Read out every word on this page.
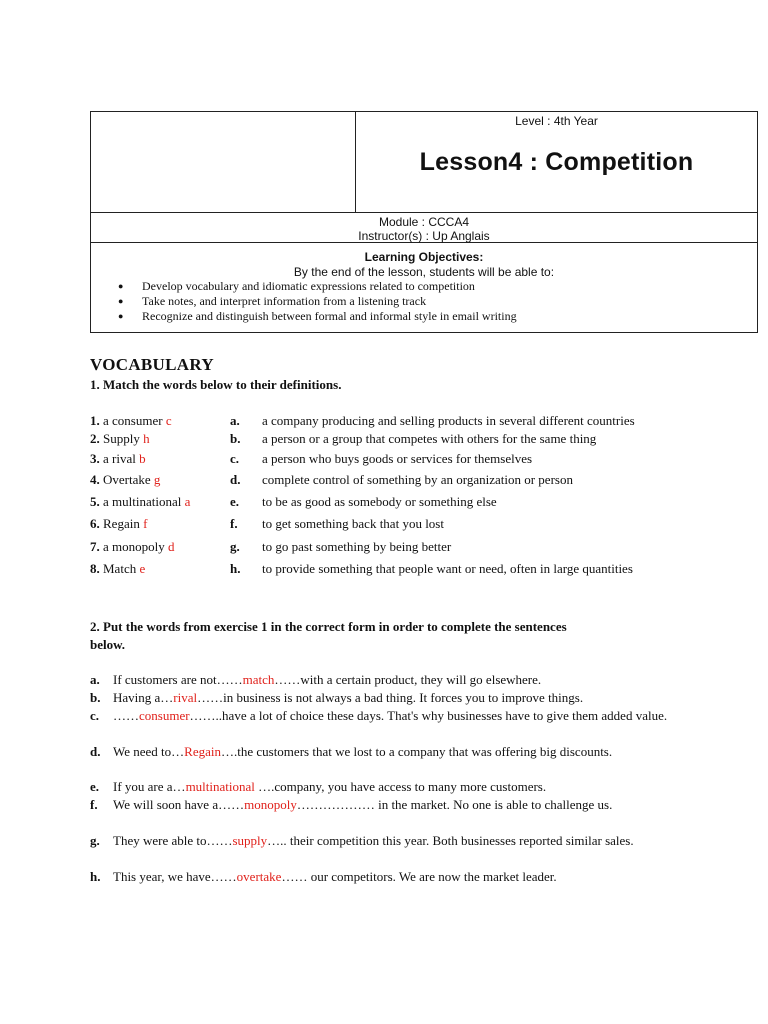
Level : 4th Year
Lesson4 : Competition
Module : CCCA4
Instructor(s) : Up Anglais
Learning Objectives:
By the end of the lesson, students will be able to:
● Develop vocabulary and idiomatic expressions related to competition
● Take notes, and interpret information from a listening track
● Recognize and distinguish between formal and informal style in email writing
VOCABULARY
1. Match the words below to their definitions.
1. a consumer c	a. a company producing and selling products in several different countries
2. Supply h	b. a person or a group that competes with others for the same thing
3. a rival b	c. a person who buys goods or services for themselves
4. Overtake g	d. complete control of something by an organization or person
5. a multinational a	e. to be as good as somebody or something else
6. Regain f	f. to get something back that you lost
7. a monopoly d	g. to go past something by being better
8. Match e	h. to provide something that people want or need, often in large quantities
2. Put the words from exercise 1 in the correct form in order to complete the sentences
below.
a. If customers are not……match……with a certain product, they will go elsewhere.
b. Having a…rival……in business is not always a bad thing. It forces you to improve things.
c. ……consumer……..have a lot of choice these days. That's why businesses have to give them added value.
d. We need to…Regain….the customers that we lost to a company that was offering big discounts.
e. If you are a…multinational ….company, you have access to many more customers.
f. We will soon have a……monopoly……………… in the market. No one is able to challenge us.
g. They were able to……supply….. their competition this year. Both businesses reported similar sales.
h. This year, we have……overtake…… our competitors. We are now the market leader.
